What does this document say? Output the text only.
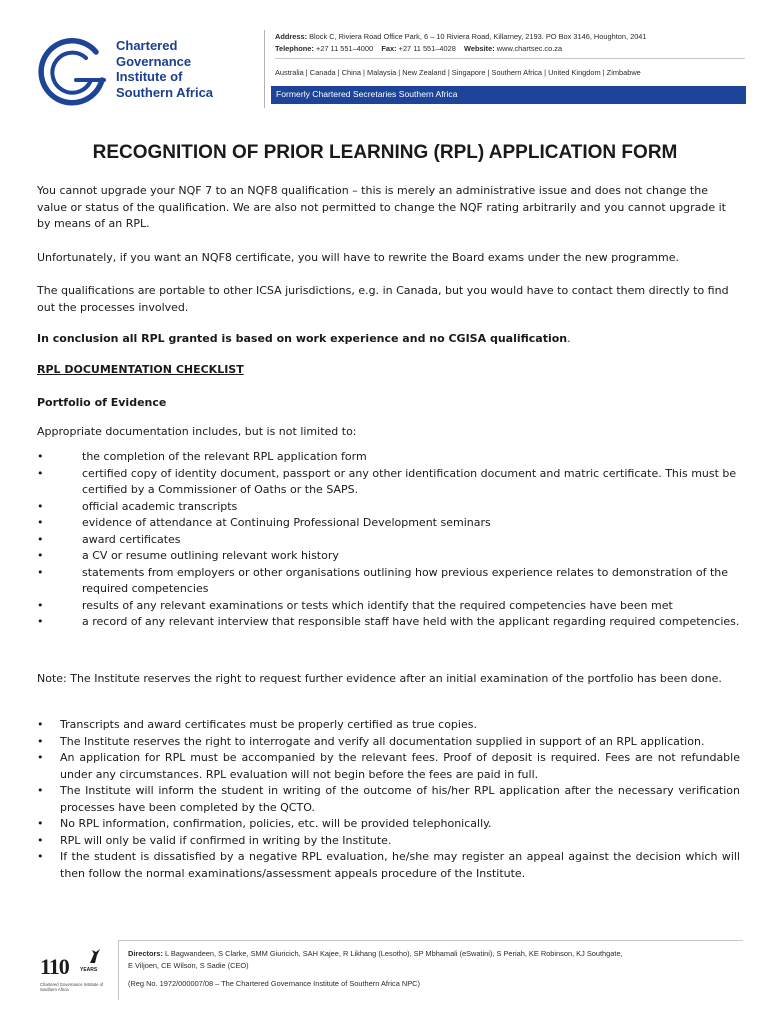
Chartered
Governance
Institute of
Southern Africa
Address: Block C, Riviera Road Office Park, 6 – 10 Riviera Road, Killarney, 2193. PO Box 3146, Houghton, 2041
Telephone: +27 11 551–4000 Fax: +27 11 551–4028 Website: www.chartsec.co.za
Australia | Canada | China | Malaysia | New Zealand | Singapore | Southern Africa | United Kingdom | Zimbabwe
Formerly Chartered Secretaries Southern Africa
RECOGNITION OF PRIOR LEARNING (RPL) APPLICATION FORM

You cannot upgrade your NQF 7 to an NQF8 qualification – this is merely an administrative issue and does not change the value or status of the qualification. We are also not permitted to change the NQF rating arbitrarily and you cannot upgrade it by means of an RPL.

Unfortunately, if you want an NQF8 certificate, you will have to rewrite the Board exams under the new programme.

The qualifications are portable to other ICSA jurisdictions, e.g. in Canada, but you would have to contact them directly to find out the processes involved.

In conclusion all RPL granted is based on work experience and no CGISA qualification.

RPL DOCUMENTATION CHECKLIST
Portfolio of Evidence

Appropriate documentation includes, but is not limited to:

• the completion of the relevant RPL application form
• certified copy of identity document, passport or any other identification document and matric certificate. This must be certified by a Commissioner of Oaths or the SAPS.
• official academic transcripts
• evidence of attendance at Continuing Professional Development seminars
• award certificates
• a CV or resume outlining relevant work history
• statements from employers or other organisations outlining how previous experience relates to demonstration of the required competencies
• results of any relevant examinations or tests which identify that the required competencies have been met
• a record of any relevant interview that responsible staff have held with the applicant regarding required competencies.

Note: The Institute reserves the right to request further evidence after an initial examination of the portfolio has been done.

• Transcripts and award certificates must be properly certified as true copies.
• The Institute reserves the right to interrogate and verify all documentation supplied in support of an RPL application.
• An application for RPL must be accompanied by the relevant fees. Proof of deposit is required. Fees are not refundable under any circumstances. RPL evaluation will not begin before the fees are paid in full.
• The Institute will inform the student in writing of the outcome of his/her RPL application after the necessary verification processes have been completed by the QCTO.
• No RPL information, confirmation, policies, etc. will be provided telephonically.
• RPL will only be valid if confirmed in writing by the Institute.
• If the student is dissatisfied by a negative RPL evaluation, he/she may register an appeal against the decision which will then follow the normal examinations/assessment appeals procedure of the Institute.
110 YEARS
Chartered Governance Institute of Southern Africa
Directors: L Bagwandeen, S Clarke, SMM Giuricich, SAH Kajee, R Likhang (Lesotho), SP Mbhamali (eSwatini), S Periah, KE Robinson, KJ Southgate,
E Viljoen, CE Wilson, S Sadie (CEO)
(Reg No. 1972/000007/08 – The Chartered Governance Institute of Southern Africa NPC)
